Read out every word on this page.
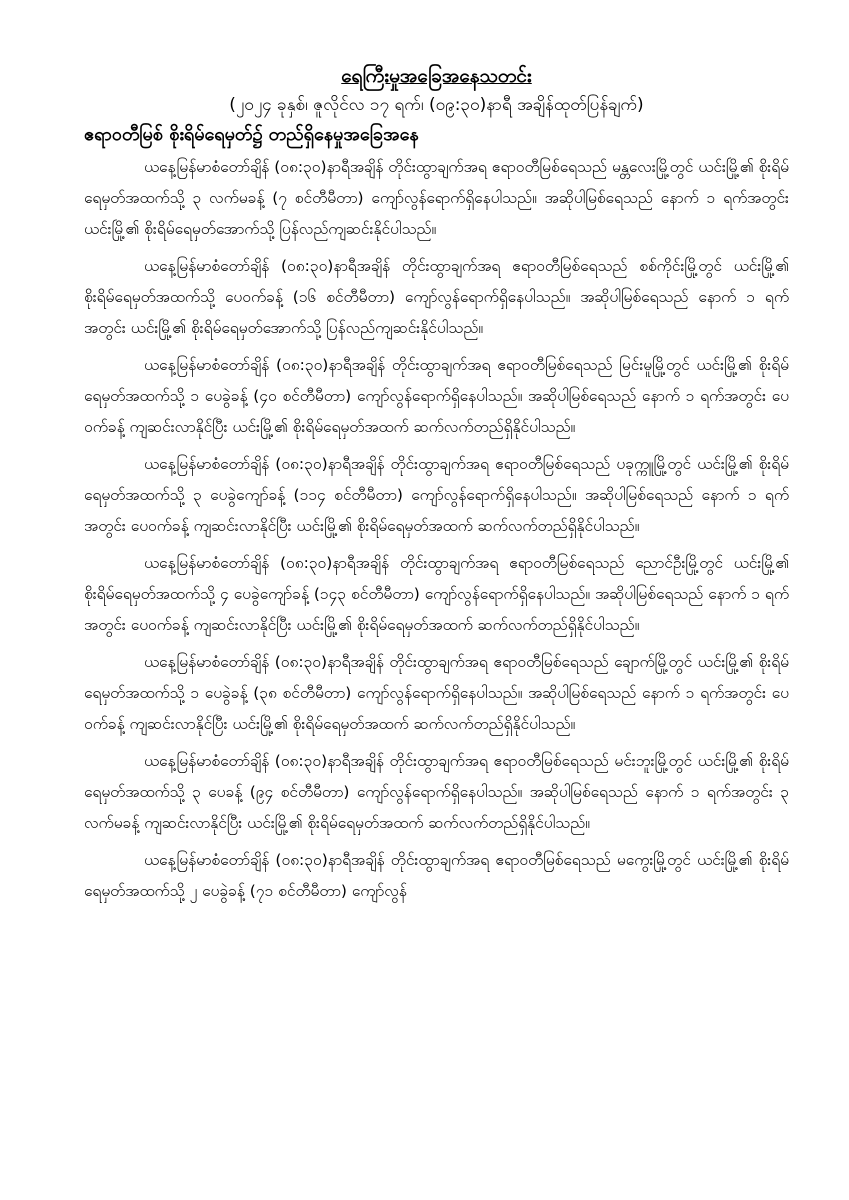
ရေကြီးမှုအခြေအနေသတင်း
(၂၀၂၄ ခုနှစ်၊ ဇူလိုင်လ ၁၇ ရက်၊ (၀၉:၃၀)နာရီ အချိန်ထုတ်ပြန်ချက်)
ဧရာဝတီမြစ် စိုးရိမ်ရေမှတ်၌ တည်ရှိနေမှုအခြေအနေ

ယနေ့မြန်မာစံတော်ချိန် (၀၈:၃၀)နာရီအချိန် တိုင်းထွာချက်အရ ဧရာဝတီမြစ်ရေသည် မန္တလေးမြို့တွင် ယင်းမြို့၏ စိုးရိမ်ရေမှတ်အထက်သို့ ၃ လက်မခန့် (၇ စင်တီမီတာ) ကျော်လွန်ရောက်ရှိနေပါသည်။ အဆိုပါမြစ်ရေသည် နောက် ၁ ရက်အတွင်း ယင်းမြို့၏ စိုးရိမ်ရေမှတ်အောက်သို့ ပြန်လည်ကျဆင်းနိုင်ပါသည်။

ယနေ့မြန်မာစံတော်ချိန် (၀၈:၃၀)နာရီအချိန် တိုင်းထွာချက်အရ ဧရာဝတီမြစ်ရေသည် စစ်ကိုင်းမြို့တွင် ယင်းမြို့၏ စိုးရိမ်ရေမှတ်အထက်သို့ ပေဝက်ခန့် (၁၆ စင်တီမီတာ) ကျော်လွန်ရောက်ရှိနေပါသည်။ အဆိုပါမြစ်ရေသည် နောက် ၁ ရက်အတွင်း ယင်းမြို့၏ စိုးရိမ်ရေမှတ်အောက်သို့ ပြန်လည်ကျဆင်းနိုင်ပါသည်။

ယနေ့မြန်မာစံတော်ချိန် (၀၈:၃၀)နာရီအချိန် တိုင်းထွာချက်အရ ဧရာဝတီမြစ်ရေသည် မြင်းမူမြို့တွင် ယင်းမြို့၏ စိုးရိမ်ရေမှတ်အထက်သို့ ၁ ပေခွဲခန့် (၄၀ စင်တီမီတာ) ကျော်လွန်ရောက်ရှိနေပါသည်။ အဆိုပါမြစ်ရေသည် နောက် ၁ ရက်အတွင်း ပေဝက်ခန့် ကျဆင်းလာနိုင်ပြီး ယင်းမြို့၏ စိုးရိမ်ရေမှတ်အထက် ဆက်လက်တည်ရှိနိုင်ပါသည်။

ယနေ့မြန်မာစံတော်ချိန် (၀၈:၃၀)နာရီအချိန် တိုင်းထွာချက်အရ ဧရာဝတီမြစ်ရေသည် ပခုက္ကူမြို့တွင် ယင်းမြို့၏ စိုးရိမ်ရေမှတ်အထက်သို့ ၃ ပေခွဲကျော်ခန့် (၁၁၄ စင်တီမီတာ) ကျော်လွန်ရောက်ရှိနေပါသည်။ အဆိုပါမြစ်ရေသည် နောက် ၁ ရက်အတွင်း ပေဝက်ခန့် ကျဆင်းလာနိုင်ပြီး ယင်းမြို့၏ စိုးရိမ်ရေမှတ်အထက် ဆက်လက်တည်ရှိနိုင်ပါသည်။

ယနေ့မြန်မာစံတော်ချိန် (၀၈:၃၀)နာရီအချိန် တိုင်းထွာချက်အရ ဧရာဝတီမြစ်ရေသည် ညောင်ဦးမြို့တွင် ယင်းမြို့၏ စိုးရိမ်ရေမှတ်အထက်သို့ ၄ ပေခွဲကျော်ခန့် (၁၄၃ စင်တီမီတာ) ကျော်လွန်ရောက်ရှိနေပါသည်။ အဆိုပါမြစ်ရေသည် နောက် ၁ ရက်အတွင်း ပေဝက်ခန့် ကျဆင်းလာနိုင်ပြီး ယင်းမြို့၏ စိုးရိမ်ရေမှတ်အထက် ဆက်လက်တည်ရှိနိုင်ပါသည်။

ယနေ့မြန်မာစံတော်ချိန် (၀၈:၃၀)နာရီအချိန် တိုင်းထွာချက်အရ ဧရာဝတီမြစ်ရေသည် ချောက်မြို့တွင် ယင်းမြို့၏ စိုးရိမ်ရေမှတ်အထက်သို့ ၁ ပေခွဲခန့် (၃၈ စင်တီမီတာ) ကျော်လွန်ရောက်ရှိနေပါသည်။ အဆိုပါမြစ်ရေသည် နောက် ၁ ရက်အတွင်း ပေဝက်ခန့် ကျဆင်းလာနိုင်ပြီး ယင်းမြို့၏ စိုးရိမ်ရေမှတ်အထက် ဆက်လက်တည်ရှိနိုင်ပါသည်။

ယနေ့မြန်မာစံတော်ချိန် (၀၈:၃၀)နာရီအချိန် တိုင်းထွာချက်အရ ဧရာဝတီမြစ်ရေသည် မင်းဘူးမြို့တွင် ယင်းမြို့၏ စိုးရိမ်ရေမှတ်အထက်သို့ ၃ ပေခန့် (၉၄ စင်တီမီတာ) ကျော်လွန်ရောက်ရှိနေပါသည်။ အဆိုပါမြစ်ရေသည် နောက် ၁ ရက်အတွင်း ၃ လက်မခန့် ကျဆင်းလာနိုင်ပြီး ယင်းမြို့၏ စိုးရိမ်ရေမှတ်အထက် ဆက်လက်တည်ရှိနိုင်ပါသည်။

ယနေ့မြန်မာစံတော်ချိန် (၀၈:၃၀)နာရီအချိန် တိုင်းထွာချက်အရ ဧရာဝတီမြစ်ရေသည် မကွေးမြို့တွင် ယင်းမြို့၏ စိုးရိမ်ရေမှတ်အထက်သို့ ၂ ပေခွဲခန့် (၇၁ စင်တီမီတာ) ကျော်လွန်
